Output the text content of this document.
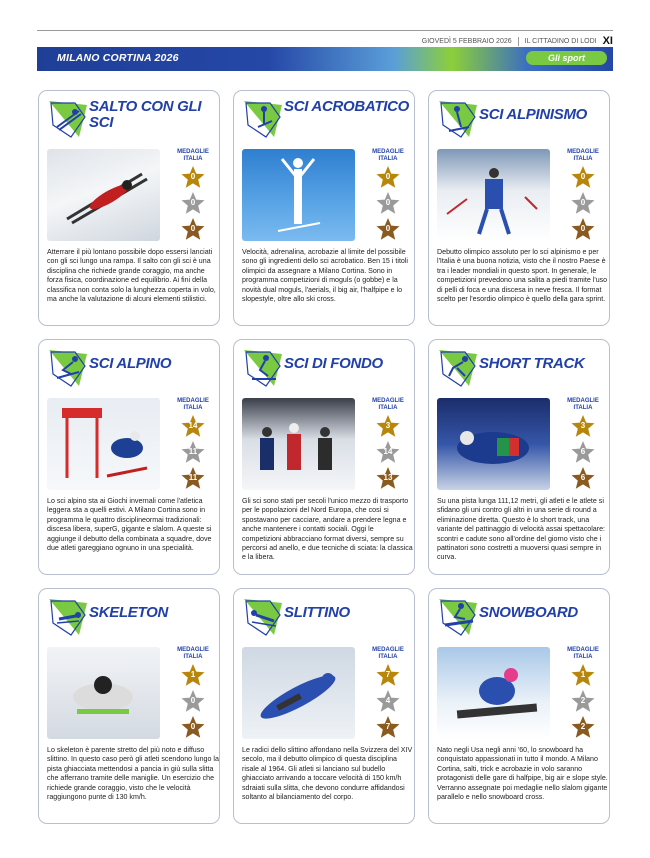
GIOVEDÌ 5 FEBBRAIO 2026 IL CITTADINO DI LODI XI
MILANO CORTINA 2026	Gli sport
SALTO CON GLI SCI
MEDAGLIE
ITALIA
0
0
0
Atterrare il più lontano possibile dopo essersi lanciati con gli sci lungo una rampa. Il salto con gli sci è una disciplina che richiede grande coraggio, ma anche forza fisica, coordinazione ed equilibrio. Ai fini della classifica non conta solo la lunghezza coperta in volo, ma anche la valutazione di alcuni elementi stilistici.
SCI ACROBATICO
MEDAGLIE
ITALIA
0
0
0
Velocità, adrenalina, acrobazie al limite del possibile sono gli ingredienti dello sci acrobatico. Ben 15 i titoli olimpici da assegnare a Milano Cortina. Sono in programma competizioni di moguls (o gobbe) e la novità dual moguls, l'aerials, il big air, l'halfpipe e lo slopestyle, oltre allo ski cross.
SCI ALPINISMO
MEDAGLIE
ITALIA
0
0
0
Debutto olimpico assoluto per lo sci alpinismo e per l'Italia è una buona notizia, visto che il nostro Paese è tra i leader mondiali in questo sport. In generale, le competizioni prevedono una salita a piedi tramite l'uso di pelli di foca e una discesa in neve fresca. Il format scelto per l'esordio olimpico è quello della gara sprint.
SCI ALPINO
MEDAGLIE
ITALIA
14
11
11
Lo sci alpino sta ai Giochi invernali come l'atletica leggera sta a quelli estivi. A Milano Cortina sono in programma le quattro disciplineormai tradizionali: discesa libera, superG, gigante e slalom. A queste si aggiunge il debutto della combinata a squadre, dove due atleti gareggiano ognuno in una specialità.
SCI DI FONDO
MEDAGLIE
ITALIA
3
14
13
Gli sci sono stati per secoli l'unico mezzo di trasporto per le popolazioni del Nord Europa, che così si spostavano per cacciare, andare a prendere legna e anche mantenere i contatti sociali. Oggi le competizioni abbracciano format diversi, sempre su percorsi ad anello, e due tecniche di sciata: la classica e la libera.
SHORT TRACK
MEDAGLIE
ITALIA
3
6
6
Su una pista lunga 111,12 metri, gli atleti e le atlete si sfidano gli uni contro gli altri in una serie di round a eliminazione diretta. Questo è lo short track, una variante del pattinaggio di velocità assai spettacolare: scontri e cadute sono all'ordine del giorno visto che i pattinatori sono costretti a muoversi quasi sempre in curva.
SKELETON
MEDAGLIE
ITALIA
1
0
0
Lo skeleton è parente stretto del più noto e diffuso slittino. In questo caso però gli atleti scendono lungo la pista ghiacciata mettendosi a pancia in giù sulla slitta che afferrano tramite delle maniglie. Un esercizio che richiede grande coraggio, visto che le velocità raggiungono punte di 130 km/h.
SLITTINO
MEDAGLIE
ITALIA
7
4
7
Le radici dello slittino affondano nella Svizzera del XIV secolo, ma il debutto olimpico di questa disciplina risale al 1964. Gli atleti si lanciano sul budello ghiacciato arrivando a toccare velocità di 150 km/h sdraiati sulla slitta, che devono condurre affidandosi soltanto al bilanciamento del corpo.
SNOWBOARD
MEDAGLIE
ITALIA
1
2
2
Nato negli Usa negli anni '60, lo snowboard ha conquistato appassionati in tutto il mondo. A Milano Cortina, salti, trick e acrobazie in volo saranno protagonisti delle gare di halfpipe, big air e slope style. Verranno assegnate poi medaglie nello slalom gigante parallelo e nello snowboard cross.
